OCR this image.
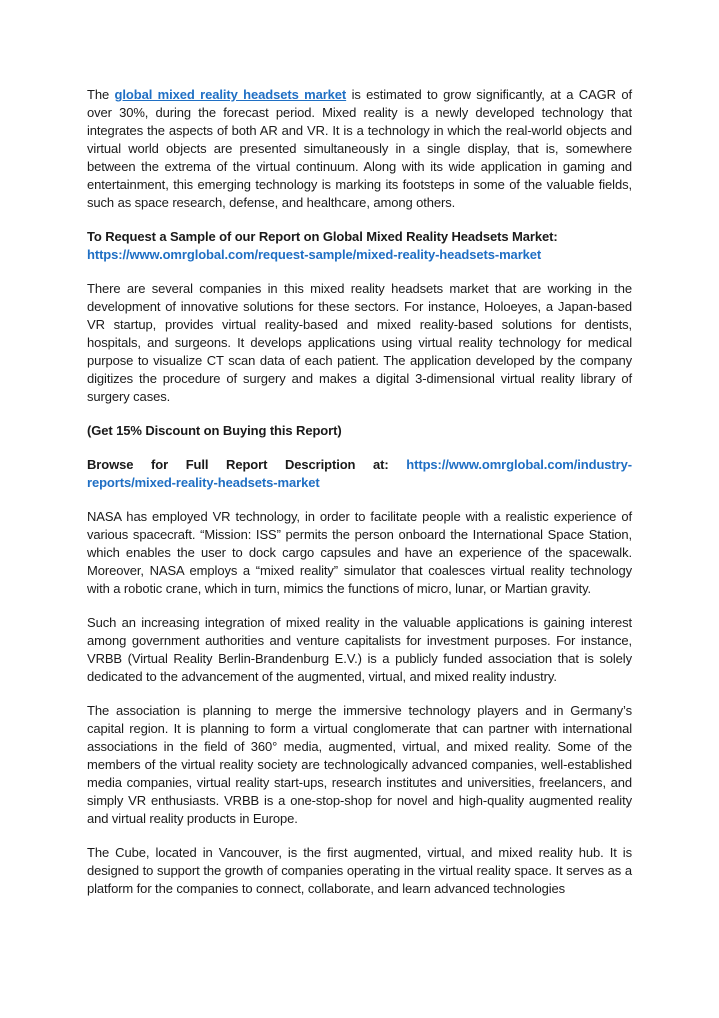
The global mixed reality headsets market is estimated to grow significantly, at a CAGR of over 30%, during the forecast period. Mixed reality is a newly developed technology that integrates the aspects of both AR and VR. It is a technology in which the real-world objects and virtual world objects are presented simultaneously in a single display, that is, somewhere between the extrema of the virtual continuum. Along with its wide application in gaming and entertainment, this emerging technology is marking its footsteps in some of the valuable fields, such as space research, defense, and healthcare, among others.

To Request a Sample of our Report on Global Mixed Reality Headsets Market:
https://www.omrglobal.com/request-sample/mixed-reality-headsets-market

There are several companies in this mixed reality headsets market that are working in the development of innovative solutions for these sectors. For instance, Holoeyes, a Japan-based VR startup, provides virtual reality-based and mixed reality-based solutions for dentists, hospitals, and surgeons. It develops applications using virtual reality technology for medical purpose to visualize CT scan data of each patient. The application developed by the company digitizes the procedure of surgery and makes a digital 3-dimensional virtual reality library of surgery cases.

(Get 15% Discount on Buying this Report)

Browse for Full Report Description at: https://www.omrglobal.com/industry-
reports/mixed-reality-headsets-market

NASA has employed VR technology, in order to facilitate people with a realistic experience of various spacecraft. “Mission: ISS” permits the person onboard the International Space Station, which enables the user to dock cargo capsules and have an experience of the spacewalk. Moreover, NASA employs a “mixed reality” simulator that coalesces virtual reality technology with a robotic crane, which in turn, mimics the functions of micro, lunar, or Martian gravity.

Such an increasing integration of mixed reality in the valuable applications is gaining interest among government authorities and venture capitalists for investment purposes. For instance, VRBB (Virtual Reality Berlin-Brandenburg E.V.) is a publicly funded association that is solely dedicated to the advancement of the augmented, virtual, and mixed reality industry.

The association is planning to merge the immersive technology players and in Germany’s capital region. It is planning to form a virtual conglomerate that can partner with international associations in the field of 360° media, augmented, virtual, and mixed reality. Some of the members of the virtual reality society are technologically advanced companies, well-established media companies, virtual reality start-ups, research institutes and universities, freelancers, and simply VR enthusiasts. VRBB is a one-stop-shop for novel and high-quality augmented reality and virtual reality products in Europe.

The Cube, located in Vancouver, is the first augmented, virtual, and mixed reality hub. It is designed to support the growth of companies operating in the virtual reality space. It serves as a platform for the companies to connect, collaborate, and learn advanced technologies
